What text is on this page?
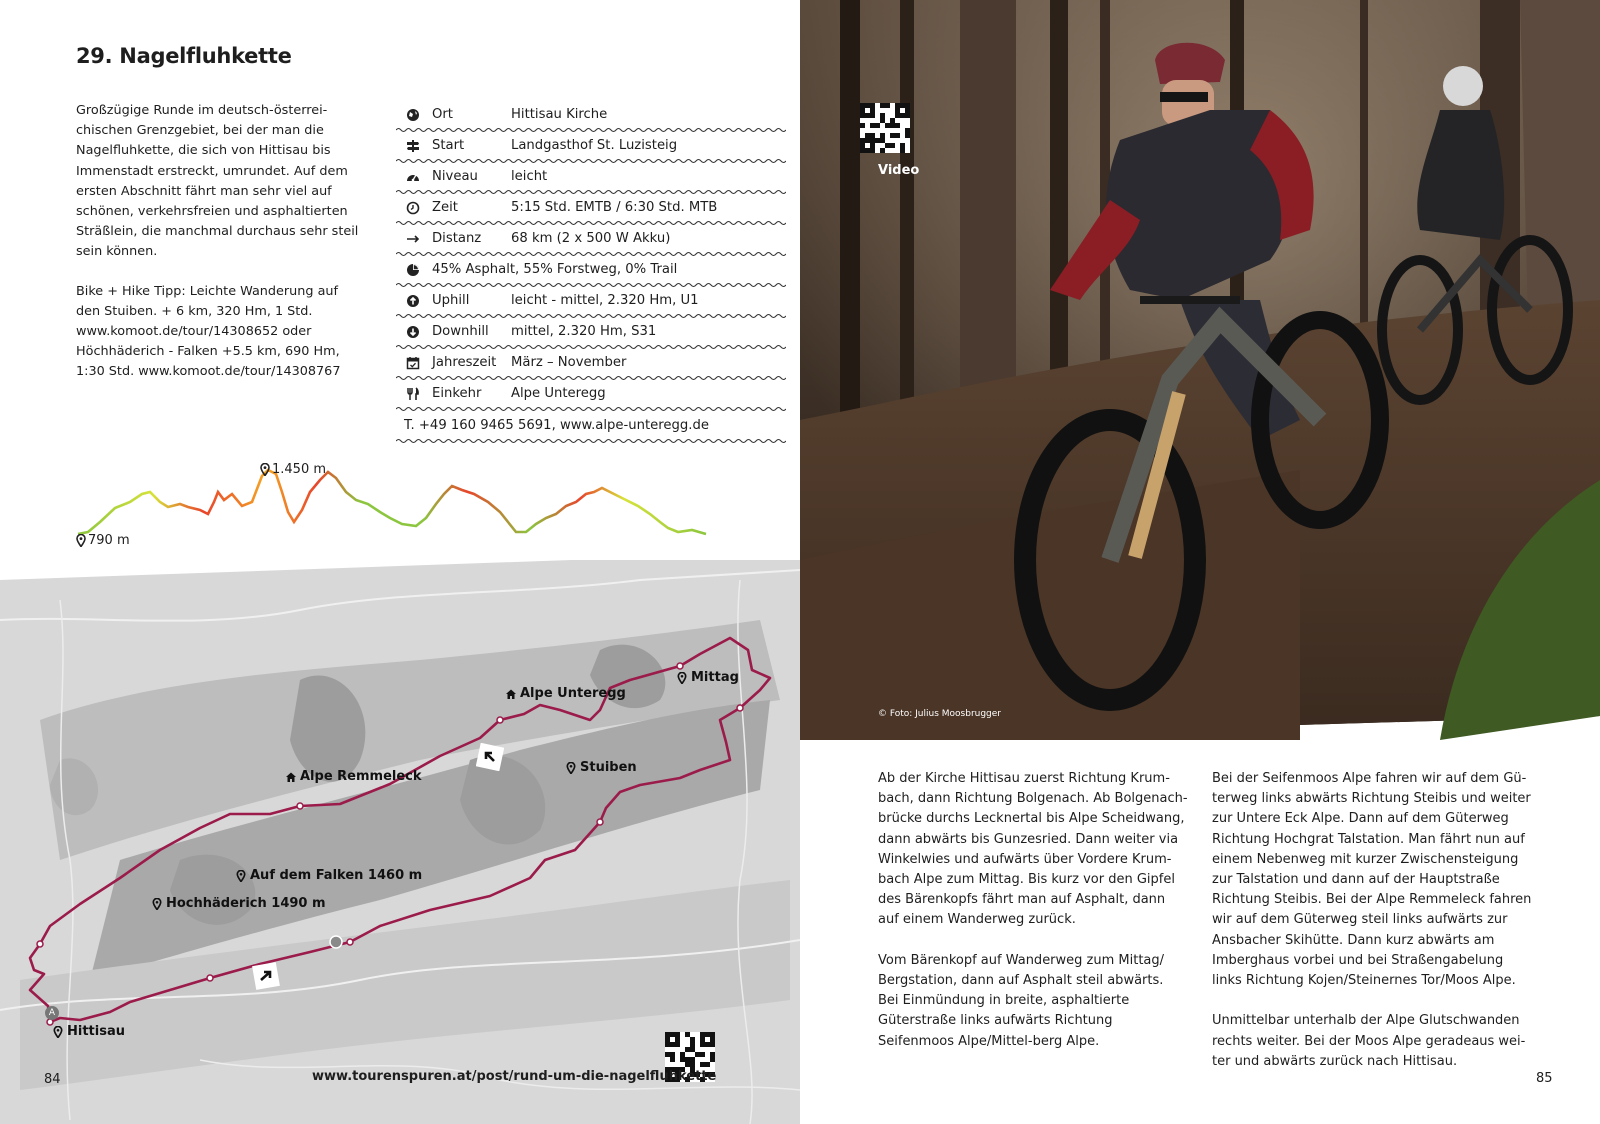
29. Nagelfluhkette

Großzügige Runde im deutsch-österrei-chischen Grenzgebiet, bei der man die Nagelfluhkette, die sich von Hittisau bis Immenstadt erstreckt, umrundet. Auf dem ersten Abschnitt fährt man sehr viel auf schönen, verkehrsfreien und asphaltierten Sträßlein, die manchmal durchaus sehr steil sein können.

Bike + Hike Tipp: Leichte Wanderung auf den Stuiben. + 6 km, 320 Hm, 1 Std. www.komoot.de/tour/14308652 oder Höchhäderich - Falken +5.5 km, 690 Hm, 1:30 Std. www.komoot.de/tour/14308767

Ort	Hittisau Kirche
Start	Landgasthof St. Luzisteig
Niveau	leicht
Zeit	5:15 Std. EMTB / 6:30 Std. MTB
Distanz	68 km (2 x 500 W Akku)
45% Asphalt, 55% Forstweg, 0% Trail
Uphill	leicht - mittel, 2.320 Hm, U1
Downhill	mittel, 2.320 Hm, S31
Jahreszeit	März – November
Einkehr	Alpe Unteregg
T. +49 160 9465 5691, www.alpe-unteregg.de
1.450 m
790 m
A
Hittisau
Alpe Unteregg
Mittag
Alpe Remmeleck
Stuiben
Auf dem Falken 1460 m
Hochhäderich 1490 m
84	www.tourenspuren.at/post/rund-um-die-nagelfluhkette
Video
© Foto: Julius Moosbrugger

Ab der Kirche Hittisau zuerst Richtung Krum-bach, dann Richtung Bolgenach. Ab Bolgenach-brücke durchs Lecknertal bis Alpe Scheidwang, dann abwärts bis Gunzesried. Dann weiter via Winkelwies und aufwärts über Vordere Krum-bach Alpe zum Mittag. Bis kurz vor den Gipfel des Bärenkopfs fährt man auf Asphalt, dann auf einem Wanderweg zurück.

Vom Bärenkopf auf Wanderweg zum Mittag/ Bergstation, dann auf Asphalt steil abwärts. Bei Einmündung in breite, asphaltierte Güterstraße links aufwärts Richtung Seifenmoos Alpe/Mittel-berg Alpe.

Bei der Seifenmoos Alpe fahren wir auf dem Gü-terweg links abwärts Richtung Steibis und weiter zur Untere Eck Alpe. Dann auf dem Güterweg Richtung Hochgrat Talstation. Man fährt nun auf einem Nebenweg mit kurzer Zwischensteigung zur Talstation und dann auf der Hauptstraße Richtung Steibis. Bei der Alpe Remmeleck fahren wir auf dem Güterweg steil links aufwärts zur Ansbacher Skihütte. Dann kurz abwärts am Imberghaus vorbei und bei Straßengabelung links Richtung Kojen/Steinernes Tor/Moos Alpe.

Unmittelbar unterhalb der Alpe Glutschwanden rechts weiter. Bei der Moos Alpe geradeaus wei-ter und abwärts zurück nach Hittisau.

85
